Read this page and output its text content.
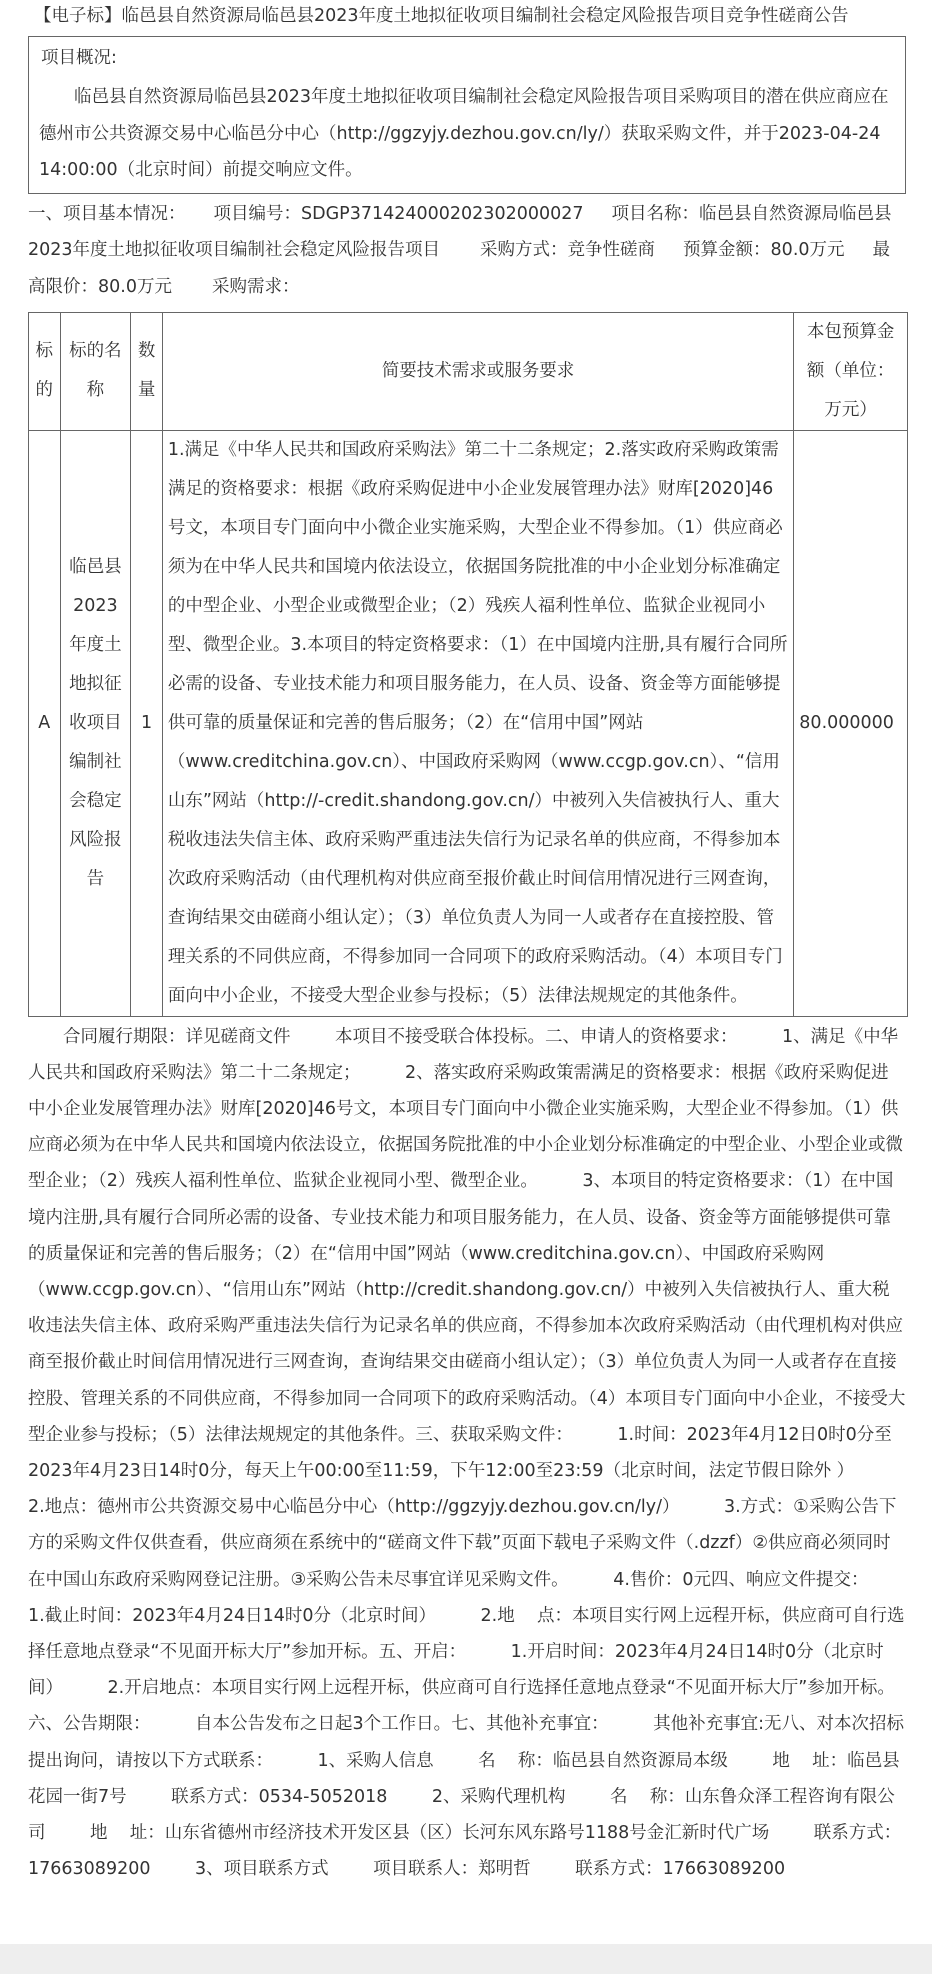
【电子标】临邑县自然资源局临邑县2023年度土地拟征收项目编制社会稳定风险报告项目竞争性磋商公告
项目概况:
临邑县自然资源局临邑县2023年度土地拟征收项目编制社会稳定风险报告项目采购项目的潜在供应商应在德州市公共资源交易中心临邑分中心（http://ggzyjy.dezhou.gov.cn/ly/）获取采购文件，并于2023-04-24 14:00:00（北京时间）前提交响应文件。
一、项目基本情况： 项目编号：SDGP371424000202302000027 项目名称：临邑县自然资源局临邑县2023年度土地拟征收项目编制社会稳定风险报告项目 采购方式：竞争性磋商 预算金额：80.0万元 最高限价：80.0万元 采购需求：
标的	标的名称	数量	简要技术需求或服务要求	本包预算金额（单位：万元）
A	临邑县2023年度土地拟征收项目编制社会稳定风险报告	1	1.满足《中华人民共和国政府采购法》第二十二条规定；2.落实政府采购政策需满足的资格要求：根据《政府采购促进中小企业发展管理办法》财库[2020]46号文，本项目专门面向中小微企业实施采购，大型企业不得参加。（1）供应商必须为在中华人民共和国境内依法设立，依据国务院批准的中小企业划分标准确定的中型企业、小型企业或微型企业；（2）残疾人福利性单位、监狱企业视同小型、微型企业。3.本项目的特定资格要求：（1）在中国境内注册,具有履行合同所必需的设备、专业技术能力和项目服务能力，在人员、设备、资金等方面能够提供可靠的质量保证和完善的售后服务；（2）在“信用中国”网站（www.creditchina.gov.cn）、中国政府采购网（www.ccgp.gov.cn）、“信用山东”网站（http://-credit.shandong.gov.cn/）中被列入失信被执行人、重大税收违法失信主体、政府采购严重违法失信行为记录名单的供应商，不得参加本次政府采购活动（由代理机构对供应商至报价截止时间信用情况进行三网查询，查询结果交由磋商小组认定）；（3）单位负责人为同一人或者存在直接控股、管理关系的不同供应商，不得参加同一合同项下的政府采购活动。（4）本项目专门面向中小企业，不接受大型企业参与投标；（5）法律法规规定的其他条件。	80.000000
合同履行期限：详见磋商文件        本项目不接受联合体投标。二、申请人的资格要求：        1、满足《中华人民共和国政府采购法》第二十二条规定；        2、落实政府采购政策需满足的资格要求：根据《政府采购促进中小企业发展管理办法》财库[2020]46号文，本项目专门面向中小微企业实施采购，大型企业不得参加。（1）供应商必须为在中华人民共和国境内依法设立，依据国务院批准的中小企业划分标准确定的中型企业、小型企业或微型企业；（2）残疾人福利性单位、监狱企业视同小型、微型企业。        3、本项目的特定资格要求：（1）在中国境内注册,具有履行合同所必需的设备、专业技术能力和项目服务能力，在人员、设备、资金等方面能够提供可靠的质量保证和完善的售后服务；（2）在“信用中国”网站（www.creditchina.gov.cn）、中国政府采购网（www.ccgp.gov.cn）、“信用山东”网站（http://credit.shandong.gov.cn/）中被列入失信被执行人、重大税收违法失信主体、政府采购严重违法失信行为记录名单的供应商，不得参加本次政府采购活动（由代理机构对供应商至报价截止时间信用情况进行三网查询，查询结果交由磋商小组认定）；（3）单位负责人为同一人或者存在直接控股、管理关系的不同供应商，不得参加同一合同项下的政府采购活动。（4）本项目专门面向中小企业，不接受大型企业参与投标；（5）法律法规规定的其他条件。三、获取采购文件：        1.时间：2023年4月12日0时0分至2023年4月23日14时0分，每天上午00:00至11:59，下午12:00至23:59（北京时间，法定节假日除外 ）        2.地点：德州市公共资源交易中心临邑分中心（http://ggzyjy.dezhou.gov.cn/ly/）        3.方式：①采购公告下方的采购文件仅供查看，供应商须在系统中的“磋商文件下载”页面下载电子采购文件（.dzzf）②供应商必须同时在中国山东政府采购网登记注册。③采购公告未尽事宜详见采购文件。        4.售价：0元四、响应文件提交：        1.截止时间：2023年4月24日14时0分（北京时间）        2.地    点：本项目实行网上远程开标，供应商可自行选择任意地点登录“不见面开标大厅”参加开标。五、开启：        1.开启时间：2023年4月24日14时0分（北京时间）        2.开启地点：本项目实行网上远程开标，供应商可自行选择任意地点登录“不见面开标大厅”参加开标。六、公告期限：        自本公告发布之日起3个工作日。七、其他补充事宜：        其他补充事宜:无八、对本次招标提出询问，请按以下方式联系：        1、采购人信息        名    称：临邑县自然资源局本级        地    址：临邑县花园一街7号        联系方式：0534-5052018        2、采购代理机构        名    称：山东鲁众泽工程咨询有限公司        地    址：山东省德州市经济技术开发区县（区）长河东风东路号1188号金汇新时代广场        联系方式：17663089200        3、项目联系方式        项目联系人：郑明哲        联系方式：17663089200
